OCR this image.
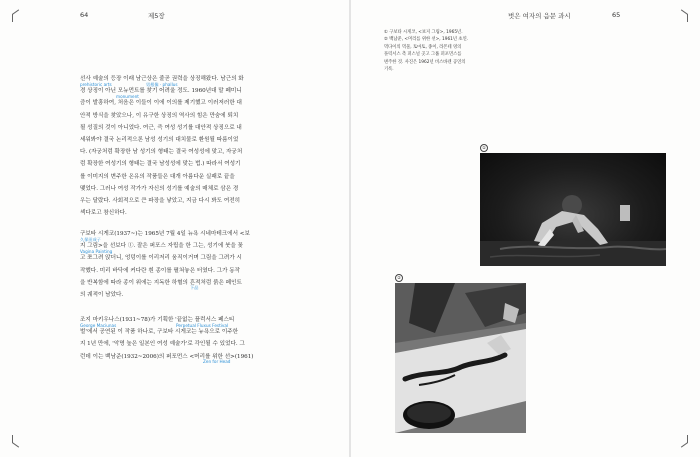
64	제5장	벗은 여자의 음문 과시	65

선사 예술의 등장 이래 남근상은 줄곧 권력을 상징해왔다. 남근의 화

경 상징이 아닌 모뉴먼트를 찾기 어려울 정도. 1960년대 말 페미니

즘이 발흥하여, 처음은 이들이 이에 이의를 제기했고 이러저러한 대

안적 방식을 찾았으나, 이 유구한 상징의 역사의 힘은 만숨에 퇴치

될 성질의 것이 아니었다. 여근, 즉 여성 성기를 대안적 상징으로 내

세워봐야 결국 논리적으론 남성 성기의 대치물로 환원될 따름이었

다. (자궁처럼 확장한 남 성기의 형태는 결국 여성성에 맞고, 자궁처

럼 확장한 여성기의 형태는 결국 남성성에 맞는 법.) 따라서 여성기

를 이미지의 변주한 온유의 작품들은 대개 아름다운 실패로 끝을

맺었다. 그러나 여성 작가가 자신의 성기를 예술의 매체로 삼은 경

우는 달랐다. 사회적으로 큰 파장을 낳았고, 지금 다시 봐도 여전히

섹다로고 참신하다.

구보타 시게코(1937~)는 1965년 7월 4일 뉴욕 시네마테크에서 <보

지 그림>을 선보다 ①. 잘은 퍼포스 자립을 한 그는, 성기에 붓을 꽂

고 쪼그려 앉더니, 엉덩이를 이리저리 움직이거며 그림을 그려가 시

작했다. 미리 바닥에 커다란 흰 종이를 펼쳐놓은 터였다. 그가 동작

을 반복함에 따라 종이 위에는 지독한 하혈의 흔적처럼 붉은 페인트

의 궤적이 남았다.

조지 마키우나스(1931~78)가 기획한 '끝없는 플럭서스 페스티

벌'에서 공연된 이 작품 하나로, 구보타 시게코는 뉴욕으로 이주한

지 1년 만에, '악명 높은 일본인 여성 예술가'로 각인될 수 있었다. 그

런데 이는 백남준(1932~2006)의 퍼포먼스 <머리를 위한 선>(1961)

prehistoric arts	男根像 · phallus
monument
久保田成子
Vagina Painting
下品
George Maciunas	Perpetual Fluxus Festival
Zen for Head

① 구보타 시게코, <보지 그림>, 1965년.

② 백남준, <머리를 위한 선>, 1961년 초연.

먹다이의 먹물, 토마토, 종이, 라몬테 영의

플럭서스 측 퍼스널 곳고 그룹 퍼포먼스를

변주한 것. 사진은 1962년 비스바덴 공연의

기록.

①
②
